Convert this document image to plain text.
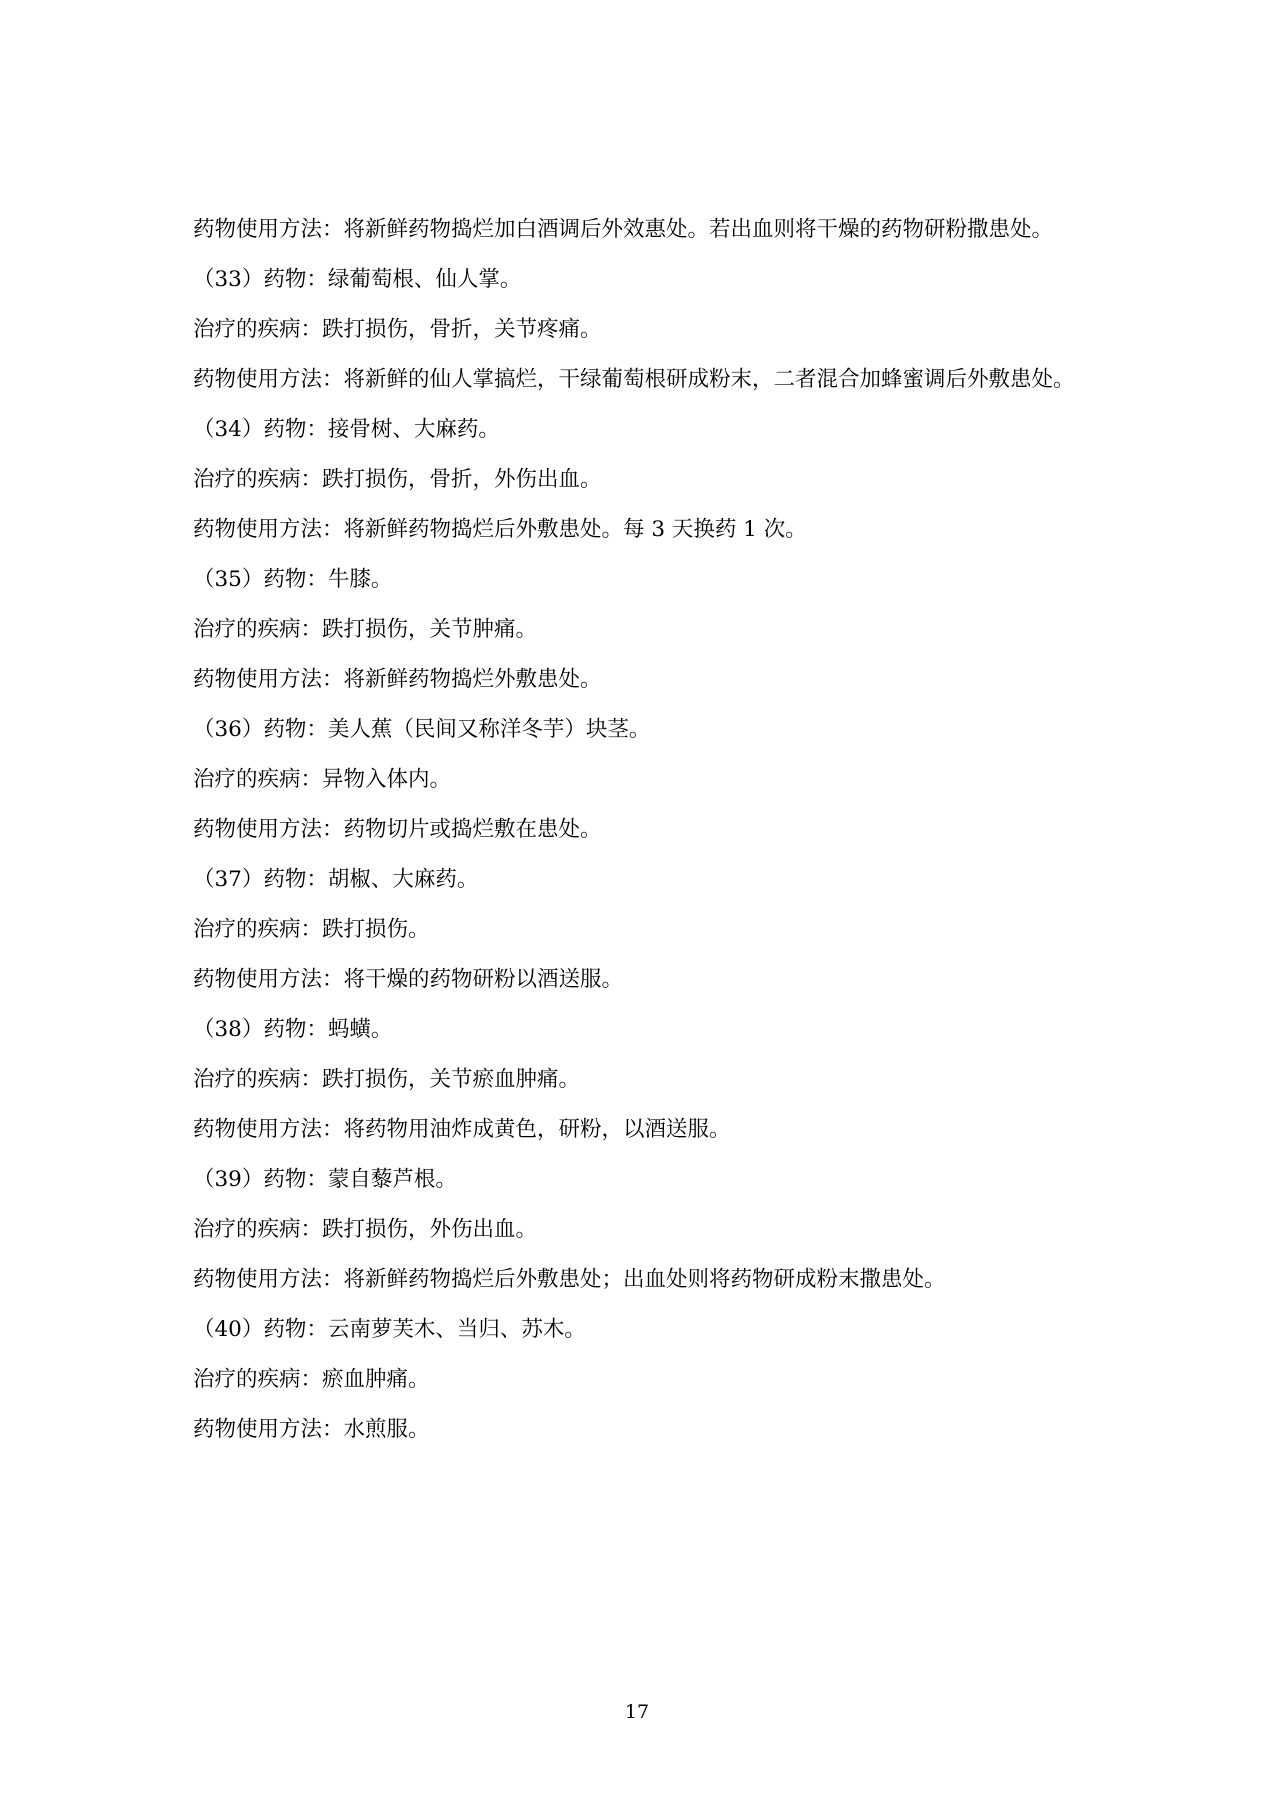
药物使用方法：将新鲜药物捣烂加白酒调后外效惠处。若出血则将干燥的药物研粉撒患处。

（33）药物：绿葡萄根、仙人掌。

治疗的疾病：跌打损伤，骨折，关节疼痛。

药物使用方法：将新鲜的仙人掌搞烂，干绿葡萄根研成粉末，二者混合加蜂蜜调后外敷患处。

（34）药物：接骨树、大麻药。

治疗的疾病：跌打损伤，骨折，外伤出血。

药物使用方法：将新鲜药物捣烂后外敷患处。每 3 天换药 1 次。

（35）药物：牛膝。

治疗的疾病：跌打损伤，关节肿痛。

药物使用方法：将新鲜药物捣烂外敷患处。

（36）药物：美人蕉（民间又称洋冬芋）块茎。

治疗的疾病：异物入体内。

药物使用方法：药物切片或捣烂敷在患处。

（37）药物：胡椒、大麻药。

治疗的疾病：跌打损伤。

药物使用方法：将干燥的药物研粉以酒送服。

（38）药物：蚂蟥。

治疗的疾病：跌打损伤，关节瘀血肿痛。

药物使用方法：将药物用油炸成黄色，研粉，以酒送服。

（39）药物：蒙自藜芦根。

治疗的疾病：跌打损伤，外伤出血。

药物使用方法：将新鲜药物捣烂后外敷患处；出血处则将药物研成粉末撒患处。

（40）药物：云南萝芙木、当归、苏木。

治疗的疾病：瘀血肿痛。

药物使用方法：水煎服。

17
